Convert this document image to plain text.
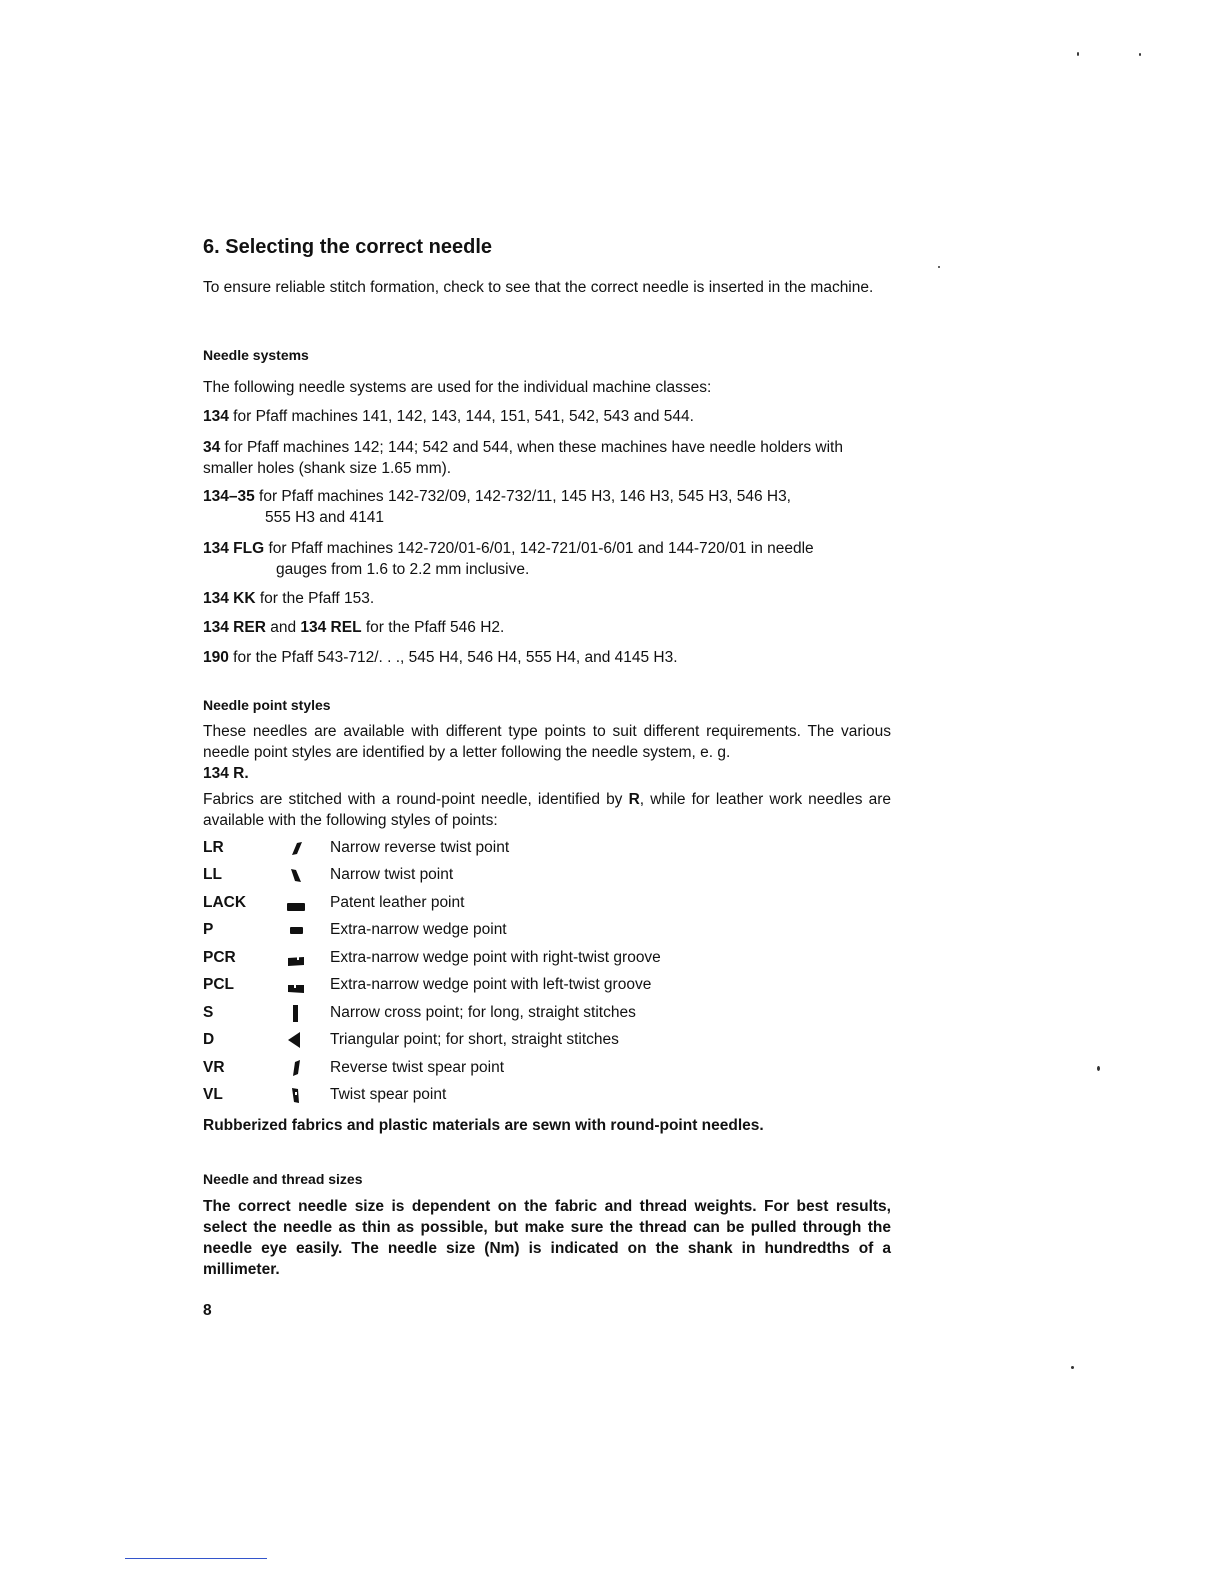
6. Selecting the correct needle
To ensure reliable stitch formation, check to see that the correct needle is inserted in the machine.
Needle systems
The following needle systems are used for the individual machine classes:
134 for Pfaff machines 141, 142, 143, 144, 151, 541, 542, 543 and 544.
34 for Pfaff machines 142; 144; 542 and 544, when these machines have needle holders with smaller holes (shank size 1.65 mm).
134–35 for Pfaff machines 142-732/09, 142-732/11, 145 H3, 146 H3, 545 H3, 546 H3,
555 H3 and 4141
134 FLG for Pfaff machines 142-720/01-6/01, 142-721/01-6/01 and 144-720/01 in needle
gauges from 1.6 to 2.2 mm inclusive.
134 KK for the Pfaff 153.
134 RER and 134 REL for the Pfaff 546 H2.
190 for the Pfaff 543-712/. . ., 545 H4, 546 H4, 555 H4, and 4145 H3.
Needle point styles
These needles are available with different type points to suit different requirements. The various needle point styles are identified by a letter following the needle system, e. g.
134 R.
Fabrics are stitched with a round-point needle, identified by R, while for leather work needles are available with the following styles of points:
LR	Narrow reverse twist point
LL	Narrow twist point
LACK	Patent leather point
P	Extra-narrow wedge point
PCR	Extra-narrow wedge point with right-twist groove
PCL	Extra-narrow wedge point with left-twist groove
S	Narrow cross point; for long, straight stitches
D	Triangular point; for short, straight stitches
VR	Reverse twist spear point
VL	Twist spear point
Rubberized fabrics and plastic materials are sewn with round-point needles.
Needle and thread sizes
The correct needle size is dependent on the fabric and thread weights. For best results, select the needle as thin as possible, but make sure the thread can be pulled through the needle eye easily. The needle size (Nm) is indicated on the shank in hundredths of a millimeter.
8
